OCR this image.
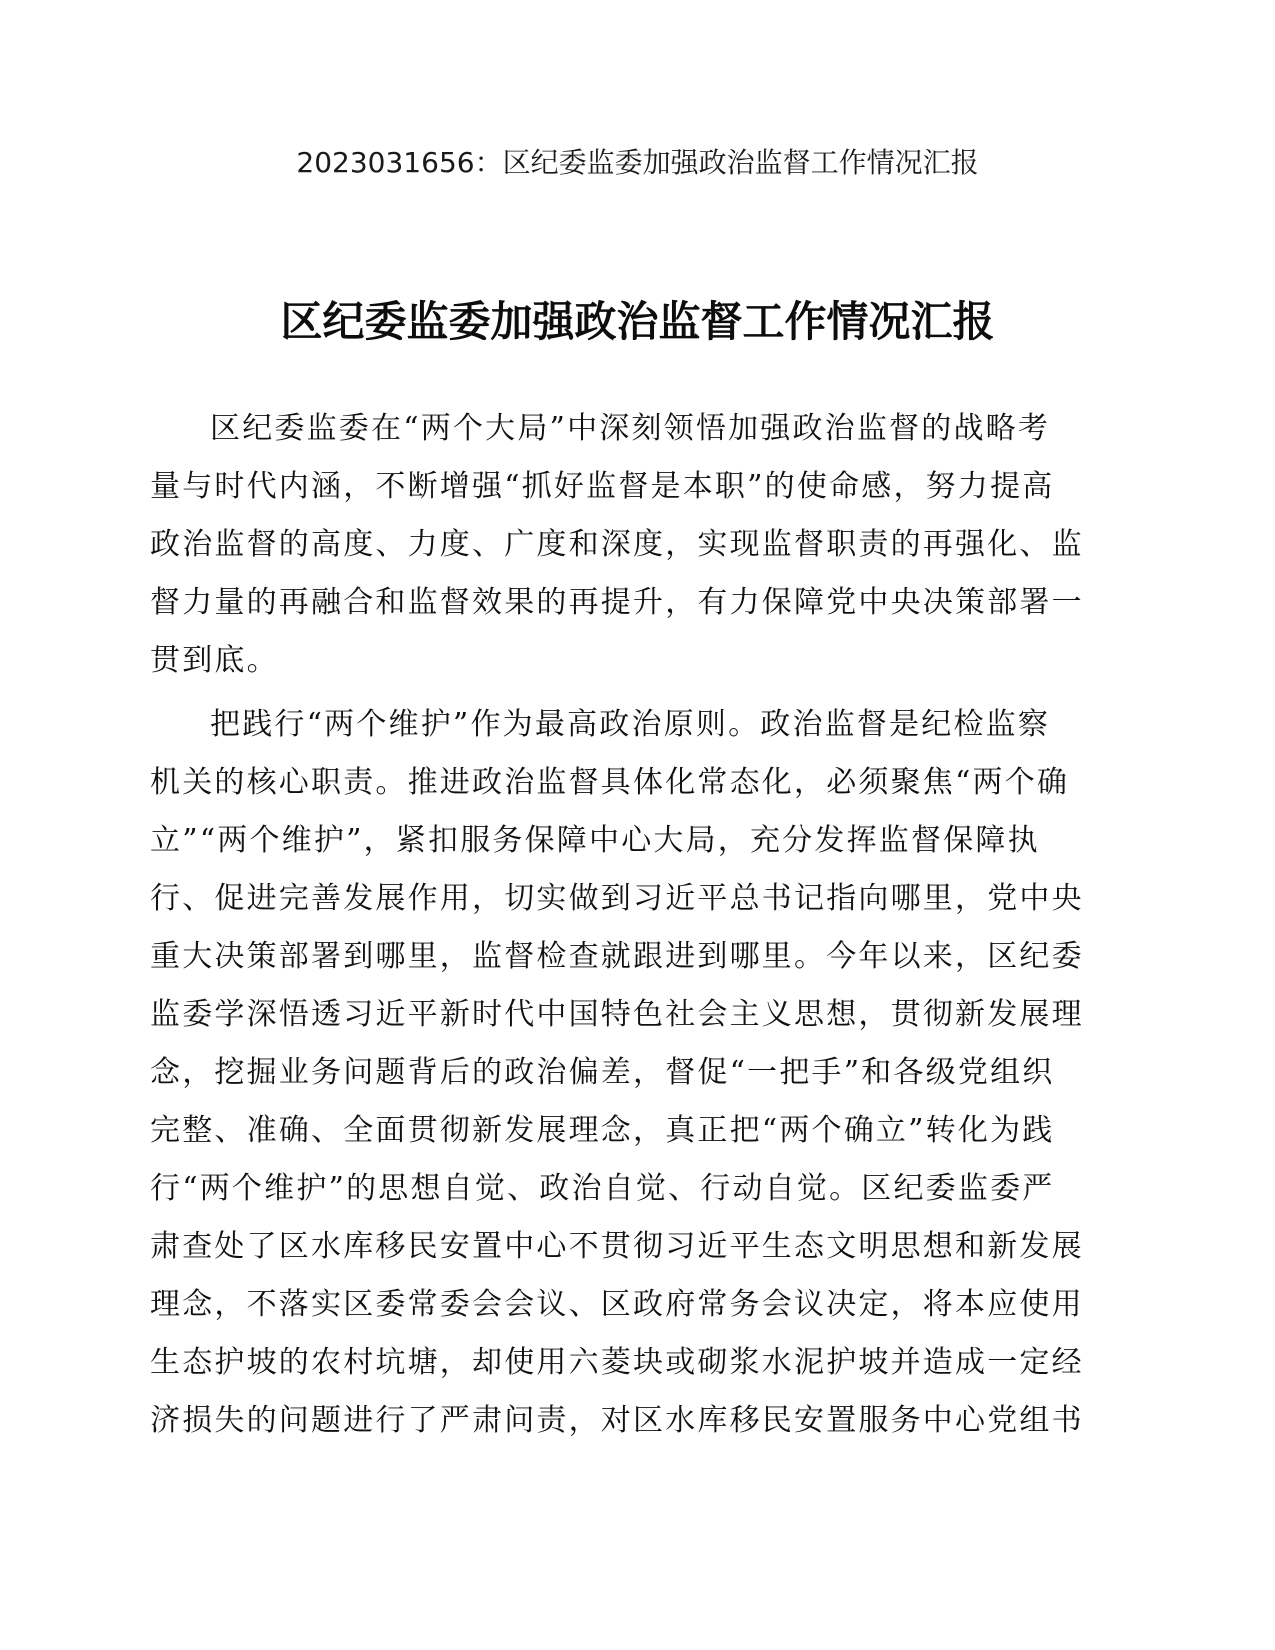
2023031656：区纪委监委加强政治监督工作情况汇报
区纪委监委加强政治监督工作情况汇报
区纪委监委在“两个大局”中深刻领悟加强政治监督的战略考
量与时代内涵，不断增强“抓好监督是本职”的使命感，努力提高
政治监督的高度、力度、广度和深度，实现监督职责的再强化、监
督力量的再融合和监督效果的再提升，有力保障党中央决策部署一
贯到底。
把践行“两个维护”作为最高政治原则。政治监督是纪检监察
机关的核心职责。推进政治监督具体化常态化，必须聚焦“两个确
立”“两个维护”，紧扣服务保障中心大局，充分发挥监督保障执
行、促进完善发展作用，切实做到习近平总书记指向哪里，党中央
重大决策部署到哪里，监督检查就跟进到哪里。今年以来，区纪委
监委学深悟透习近平新时代中国特色社会主义思想，贯彻新发展理
念，挖掘业务问题背后的政治偏差，督促“一把手”和各级党组织
完整、准确、全面贯彻新发展理念，真正把“两个确立”转化为践
行“两个维护”的思想自觉、政治自觉、行动自觉。区纪委监委严
肃查处了区水库移民安置中心不贯彻习近平生态文明思想和新发展
理念，不落实区委常委会会议、区政府常务会议决定，将本应使用
生态护坡的农村坑塘，却使用六菱块或砌浆水泥护坡并造成一定经
济损失的问题进行了严肃问责，对区水库移民安置服务中心党组书
